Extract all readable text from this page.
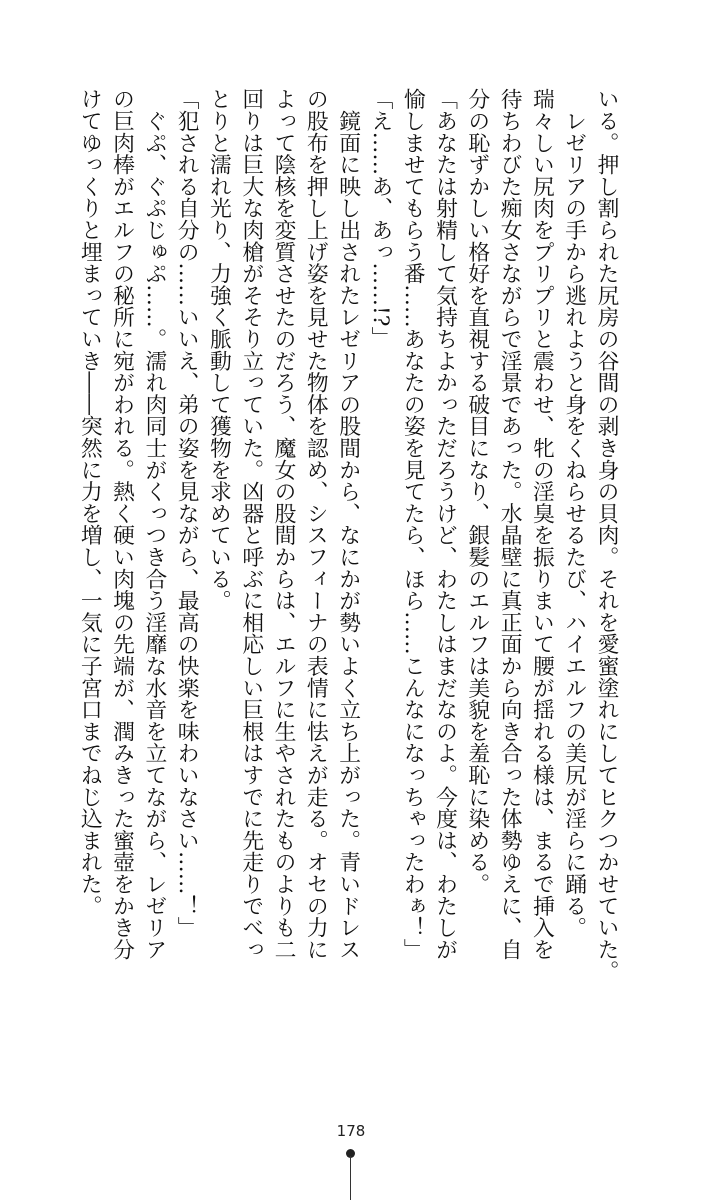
いる。押し割られた尻房の谷間の剥き身の貝肉。それを愛蜜塗れにしてヒクつかせていた。
　レゼリアの手から逃れようと身をくねらせるたび、ハイエルフの美尻が淫らに踊る。
瑞々しい尻肉をプリプリと震わせ、牝の淫臭を振りまいて腰が揺れる様は、まるで挿入を
待ちわびた痴女さながらで淫景であった。水晶壁に真正面から向き合った体勢ゆえに、自
分の恥ずかしい格好を直視する破目になり、銀髪のエルフは美貌を羞恥に染める。
「あなたは射精して気持ちよかっただろうけど、わたしはまだなのよ。今度は、わたしが
愉しませてもらう番……あなたの姿を見てたら、ほら……こんなになっちゃったわぁ！」
「え……あ、あっ……!?」
　鏡面に映し出されたレゼリアの股間から、なにかが勢いよく立ち上がった。青いドレス
の股布を押し上げ姿を見せた物体を認め、シスフィーナの表情に怯えが走る。オセの力に
よって陰核を変質させたのだろう、魔女の股間からは、エルフに生やされたものよりも二
回りは巨大な肉槍がそそり立っていた。凶器と呼ぶに相応しい巨根はすでに先走りでべっ
とりと濡れ光り、力強く脈動して獲物を求めている。
「犯される自分の……いいえ、弟の姿を見ながら、最高の快楽を味わいなさい……！」
　ぐぷ、ぐぷじゅぷ……。濡れ肉同士がくっつき合う淫靡な水音を立てながら、レゼリア
の巨肉棒がエルフの秘所に宛がわれる。熱く硬い肉塊の先端が、潤みきった蜜壺をかき分
けてゆっくりと埋まっていき――突然に力を増し、一気に子宮口までねじ込まれた。
178
